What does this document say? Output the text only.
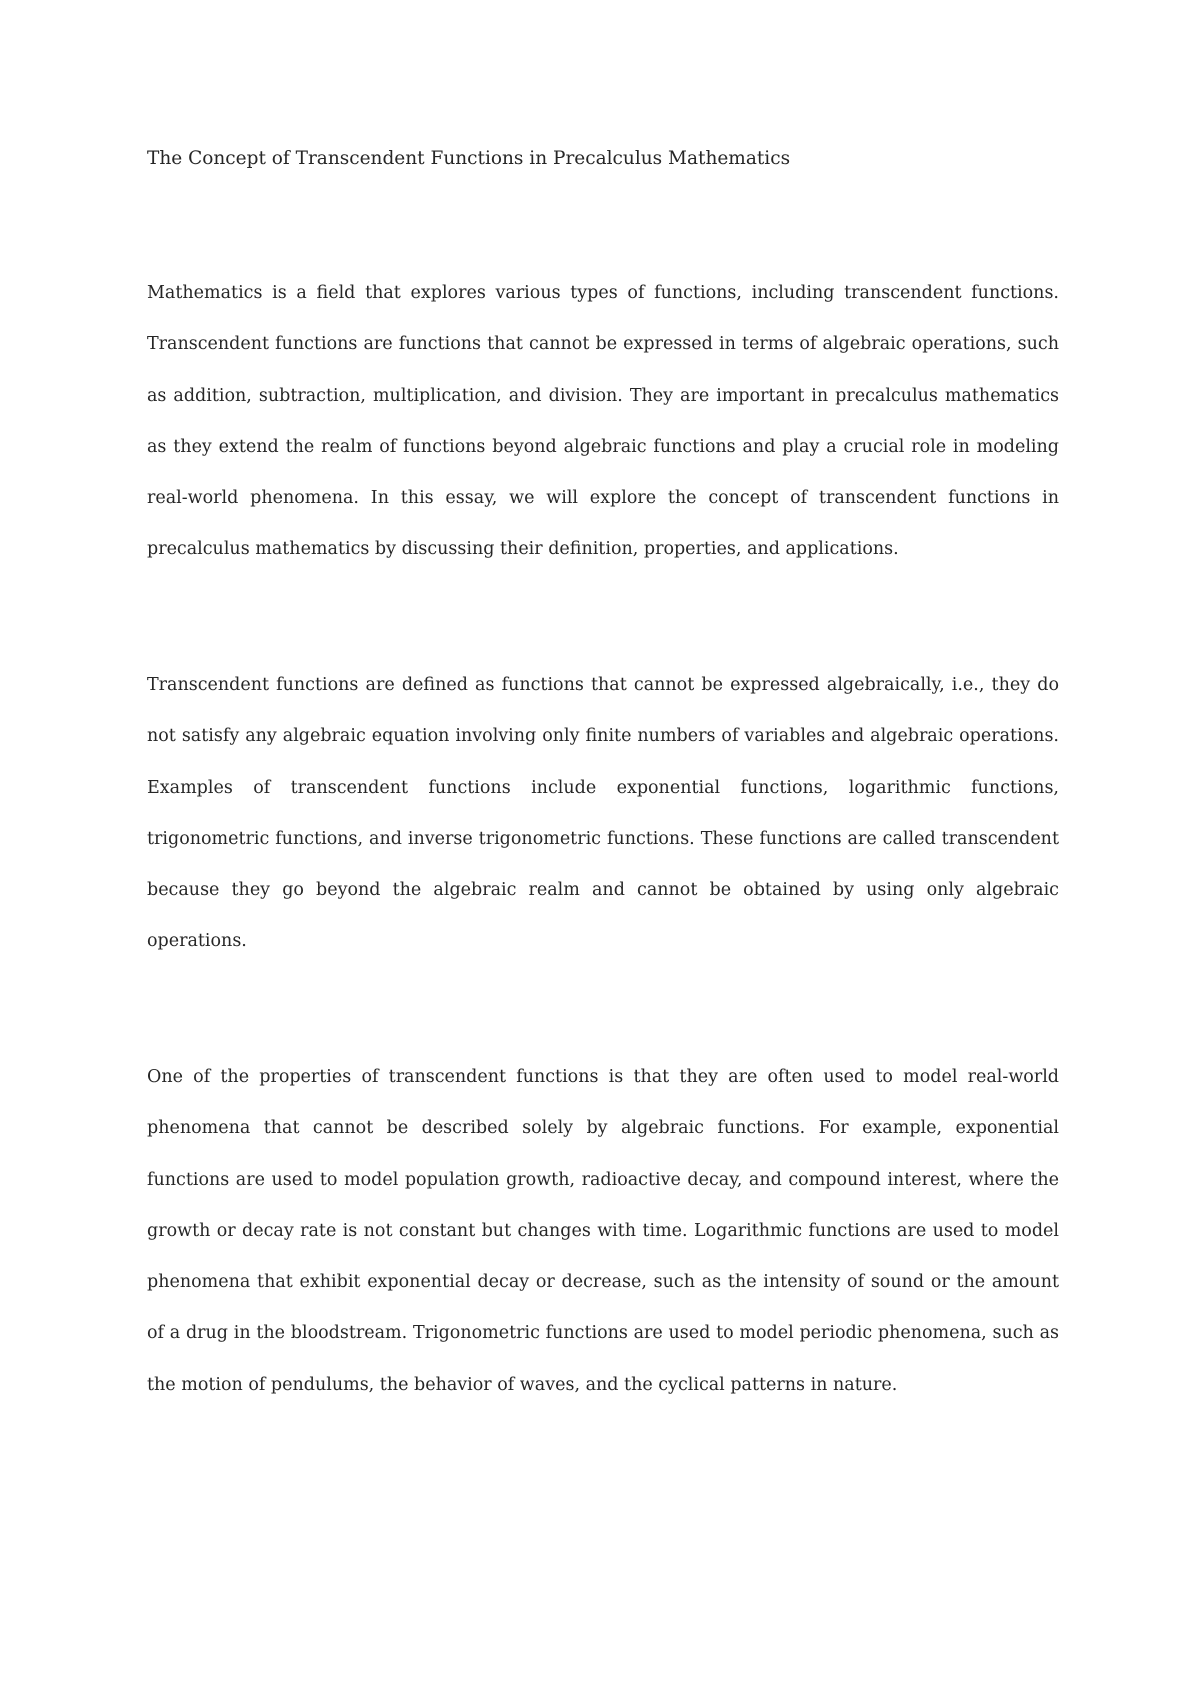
The Concept of Transcendent Functions in Precalculus Mathematics

Mathematics is a field that explores various types of functions, including transcendent functions. Transcendent functions are functions that cannot be expressed in terms of algebraic operations, such as addition, subtraction, multiplication, and division. They are important in precalculus mathematics as they extend the realm of functions beyond algebraic functions and play a crucial role in modeling real-world phenomena. In this essay, we will explore the concept of transcendent functions in precalculus mathematics by discussing their definition, properties, and applications.

Transcendent functions are defined as functions that cannot be expressed algebraically, i.e., they do not satisfy any algebraic equation involving only finite numbers of variables and algebraic operations. Examples of transcendent functions include exponential functions, logarithmic functions, trigonometric functions, and inverse trigonometric functions. These functions are called transcendent because they go beyond the algebraic realm and cannot be obtained by using only algebraic operations.

One of the properties of transcendent functions is that they are often used to model real-world phenomena that cannot be described solely by algebraic functions. For example, exponential functions are used to model population growth, radioactive decay, and compound interest, where the growth or decay rate is not constant but changes with time. Logarithmic functions are used to model phenomena that exhibit exponential decay or decrease, such as the intensity of sound or the amount of a drug in the bloodstream. Trigonometric functions are used to model periodic phenomena, such as the motion of pendulums, the behavior of waves, and the cyclical patterns in nature.
